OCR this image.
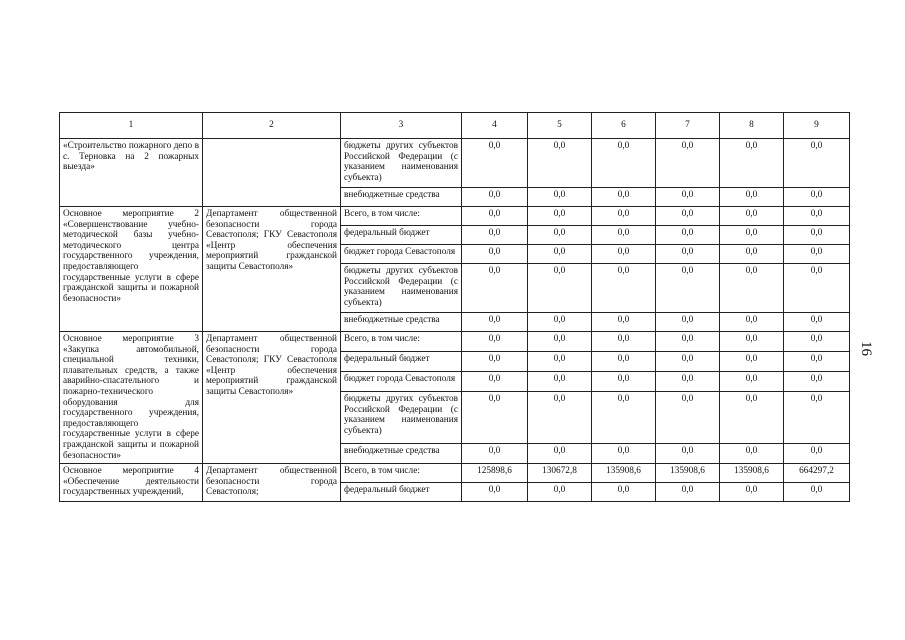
1	2	3	4	5	6	7	8	9
«Строительство пожарного депо в с. Терновка на 2 пожарных выезда»		бюджеты других субъектов Российской Федерации (с указанием наименования субъекта)	0,0	0,0	0,0	0,0	0,0	0,0
		внебюджетные средства	0,0	0,0	0,0	0,0	0,0	0,0
Основное мероприятие 2 «Совершенствование учебно-методической базы учебно-методического центра государственного учреждения, предоставляющего государственные услуги в сфере гражданской защиты и пожарной безопасности»	Департамент общественной безопасности города Севастополя; ГКУ Севастополя «Центр обеспечения мероприятий гражданской защиты Севастополя»	Всего, в том числе:	0,0	0,0	0,0	0,0	0,0	0,0
		федеральный бюджет	0,0	0,0	0,0	0,0	0,0	0,0
		бюджет города Севастополя	0,0	0,0	0,0	0,0	0,0	0,0
		бюджеты других субъектов Российской Федерации (с указанием наименования субъекта)	0,0	0,0	0,0	0,0	0,0	0,0
		внебюджетные средства	0,0	0,0	0,0	0,0	0,0	0,0
Основное мероприятие 3 «Закупка автомобильной, специальной техники, плавательных средств, а также аварийно-спасательного и пожарно-технического оборудования для государственного учреждения, предоставляющего государственные услуги в сфере гражданской защиты и пожарной безопасности»	Департамент общественной безопасности города Севастополя; ГКУ Севастополя «Центр обеспечения мероприятий гражданской защиты Севастополя»	Всего, в том числе:	0,0	0,0	0,0	0,0	0,0	0,0
		федеральный бюджет	0,0	0,0	0,0	0,0	0,0	0,0
		бюджет города Севастополя	0,0	0,0	0,0	0,0	0,0	0,0
		бюджеты других субъектов Российской Федерации (с указанием наименования субъекта)	0,0	0,0	0,0	0,0	0,0	0,0
		внебюджетные средства	0,0	0,0	0,0	0,0	0,0	0,0
Основное мероприятие 4 «Обеспечение деятельности государственных учреждений,	Департамент общественной безопасности города Севастополя;	Всего, в том числе:	125898,6	130672,8	135908,6	135908,6	135908,6	664297,2
		федеральный бюджет	0,0	0,0	0,0	0,0	0,0	0,0
16
